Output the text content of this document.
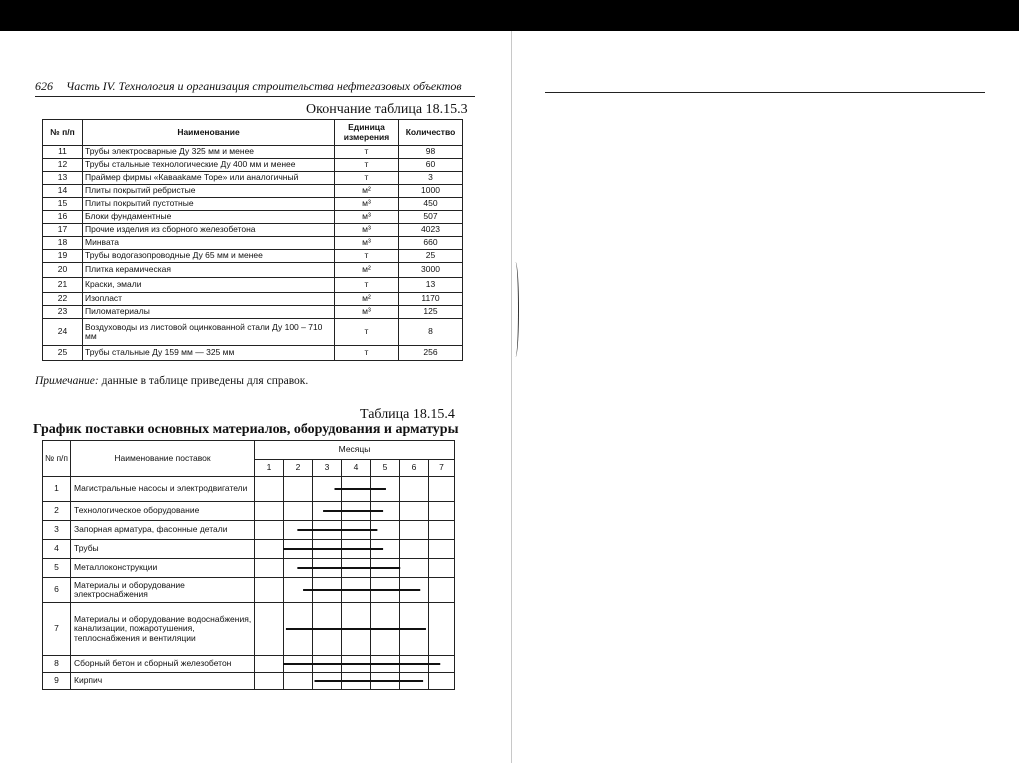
626 Часть IV. Технология и организация строительства нефтегазовых объектов
Окончание таблица 18.15.3
№ п/п	Наименование	Единица измерения	Количество
11	Трубы электросварные Ду 325 мм и менее	т	98
12	Трубы стальные технологические Ду 400 мм и менее	т	60
13	Праймер фирмы «Кавааkаме Торе» или аналогичный	т	3
14	Плиты покрытий ребристые	м²	1000
15	Плиты покрытий пустотные	м³	450
16	Блоки фундаментные	м³	507
17	Прочие изделия из сборного железобетона	м³	4023
18	Минвата	м³	660
19	Трубы водогазопроводные Ду 65 мм и менее	т	25
20	Плитка керамическая	м²	3000
21	Краски, эмали	т	13
22	Изопласт	м²	1170
23	Пиломатериалы	м³	125
24	Воздуховоды из листовой оцинкованной стали Ду 100 – 710 мм	т	8
25	Трубы стальные Ду 159 мм — 325 мм	т	256
Примечание: данные в таблице приведены для справок.
Таблица 18.15.4
График поставки основных материалов, оборудования и арматуры
№ п/п	Наименование поставок	Месяцы						
		1	2	3	4	5	6	7
1	Магистральные насосы и электродвигатели							
2	Технологическое оборудование							
3	Запорная арматура, фасонные детали							
4	Трубы							
5	Металлоконструкции							
6	Материалы и оборудование электроснабжения							
7	Материалы и оборудование водоснабжения, канализации, пожаротушения, теплоснабжения и вентиляции							
8	Сборный бетон и сборный железобетон							
9	Кирпич							
